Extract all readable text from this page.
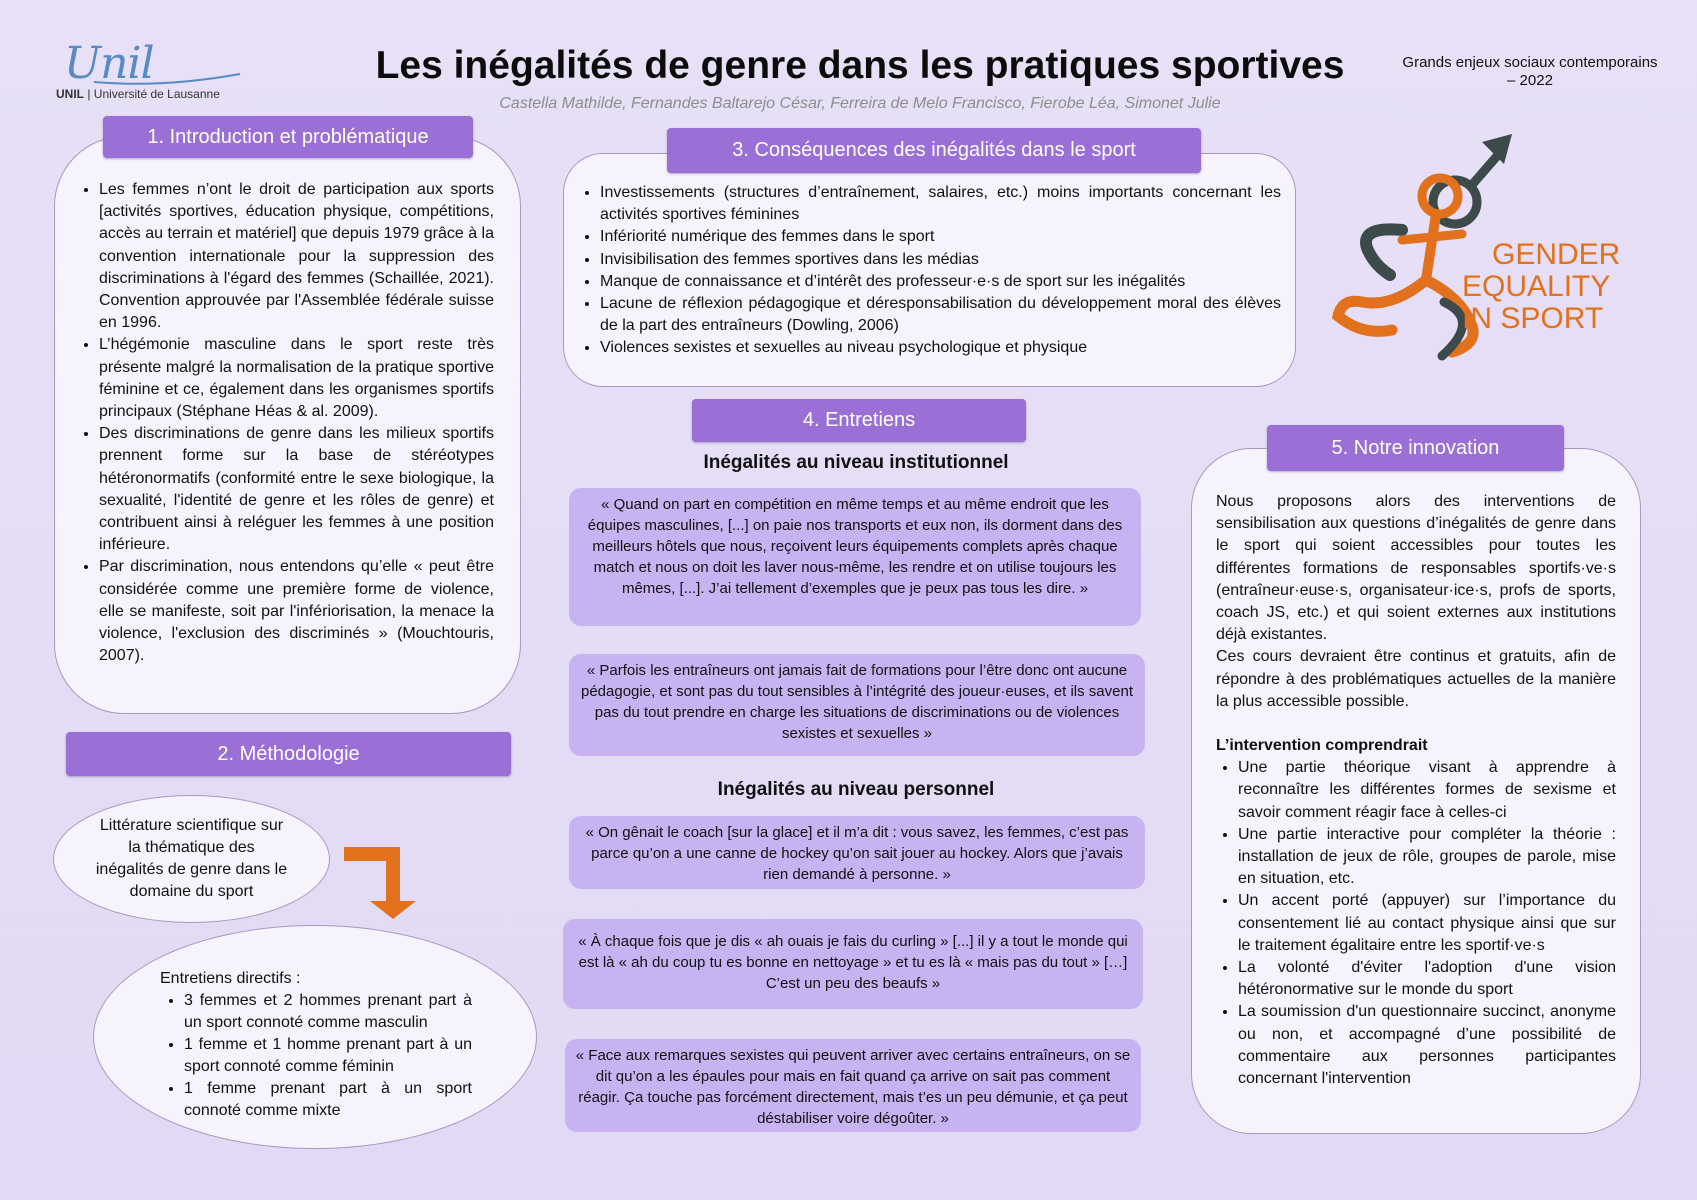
Unil
UNIL | Université de Lausanne
Les inégalités de genre dans les pratiques sportives
Castella Mathilde, Fernandes Baltarejo César, Ferreira de Melo Francisco, Fierobe Léa, Simonet Julie
Grands enjeux sociaux contemporains
– 2022
1. Introduction et problématique
• Les femmes n’ont le droit de participation aux sports [activités sportives, éducation physique, compétitions, accès au terrain et matériel] que depuis 1979 grâce à la convention internationale pour la suppression des discriminations à l'égard des femmes (Schaillée, 2021). Convention approuvée par l'Assemblée fédérale suisse en 1996.
• L’hégémonie masculine dans le sport reste très présente malgré la normalisation de la pratique sportive féminine et ce, également dans les organismes sportifs principaux (Stéphane Héas & al. 2009).
• Des discriminations de genre dans les milieux sportifs prennent forme sur la base de stéréotypes hétéronormatifs (conformité entre le sexe biologique, la sexualité, l'identité de genre et les rôles de genre) et contribuent ainsi à reléguer les femmes à une position inférieure.
• Par discrimination, nous entendons qu’elle « peut être considérée comme une première forme de violence, elle se manifeste, soit par l'infériorisation, la menace la violence, l'exclusion des discriminés » (Mouchtouris, 2007).
2. Méthodologie
Littérature scientifique sur la thématique des inégalités de genre dans le domaine du sport
Entretiens directifs :
• 3 femmes et 2 hommes prenant part à un sport connoté comme masculin
• 1 femme et 1 homme prenant part à un sport connoté comme féminin
• 1 femme prenant part à un sport connoté comme mixte
3. Conséquences des inégalités dans le sport
• Investissements (structures d’entraînement, salaires, etc.) moins importants concernant les activités sportives féminines
• Infériorité numérique des femmes dans le sport
• Invisibilisation des femmes sportives dans les médias
• Manque de connaissance et d’intérêt des professeur·e·s de sport sur les inégalités
• Lacune de réflexion pédagogique et déresponsabilisation du développement moral des élèves de la part des entraîneurs (Dowling, 2006)
• Violences sexistes et sexuelles au niveau psychologique et physique
GENDER
EQUALITY
IN SPORT
4. Entretiens
Inégalités au niveau institutionnel
« Quand on part en compétition en même temps et au même endroit que les équipes masculines, [...] on paie nos transports et eux non, ils dorment dans des meilleurs hôtels que nous, reçoivent leurs équipements complets après chaque match et nous on doit les laver nous-même, les rendre et on utilise toujours les mêmes, [...]. J’ai tellement d’exemples que je peux pas tous les dire. »
« Parfois les entraîneurs ont jamais fait de formations pour l’être donc ont aucune pédagogie, et sont pas du tout sensibles à l’intégrité des joueur·euses, et ils savent pas du tout prendre en charge les situations de discriminations ou de violences sexistes et sexuelles »
Inégalités au niveau personnel
« On gênait le coach [sur la glace] et il m’a dit : vous savez, les femmes, c’est pas parce qu’on a une canne de hockey qu’on sait jouer au hockey. Alors que j’avais rien demandé à personne. »
« À chaque fois que je dis « ah ouais je fais du curling » [...] il y a tout le monde qui est là « ah du coup tu es bonne en nettoyage » et tu es là « mais pas du tout » […] C’est un peu des beaufs »
« Face aux remarques sexistes qui peuvent arriver avec certains entraîneurs, on se dit qu’on a les épaules pour mais en fait quand ça arrive on sait pas comment réagir. Ça touche pas forcément directement, mais t’es un peu démunie, et ça peut déstabiliser voire dégoûter. »
5. Notre innovation
Nous proposons alors des interventions de sensibilisation aux questions d’inégalités de genre dans le sport qui soient accessibles pour toutes les différentes formations de responsables sportifs·ve·s (entraîneur·euse·s, organisateur·ice·s, profs de sports, coach JS, etc.) et qui soient externes aux institutions déjà existantes.
Ces cours devraient être continus et gratuits, afin de répondre à des problématiques actuelles de la manière la plus accessible possible.
L’intervention comprendrait
• Une partie théorique visant à apprendre à reconnaître les différentes formes de sexisme et savoir comment réagir face à celles-ci
• Une partie interactive pour compléter la théorie : installation de jeux de rôle, groupes de parole, mise en situation, etc.
• Un accent porté (appuyer) sur l’importance du consentement lié au contact physique ainsi que sur le traitement égalitaire entre les sportif·ve·s
• La volonté d'éviter l'adoption d'une vision hétéronormative sur le monde du sport
• La soumission d'un questionnaire succinct, anonyme ou non, et accompagné d’une possibilité de commentaire aux personnes participantes concernant l'intervention
